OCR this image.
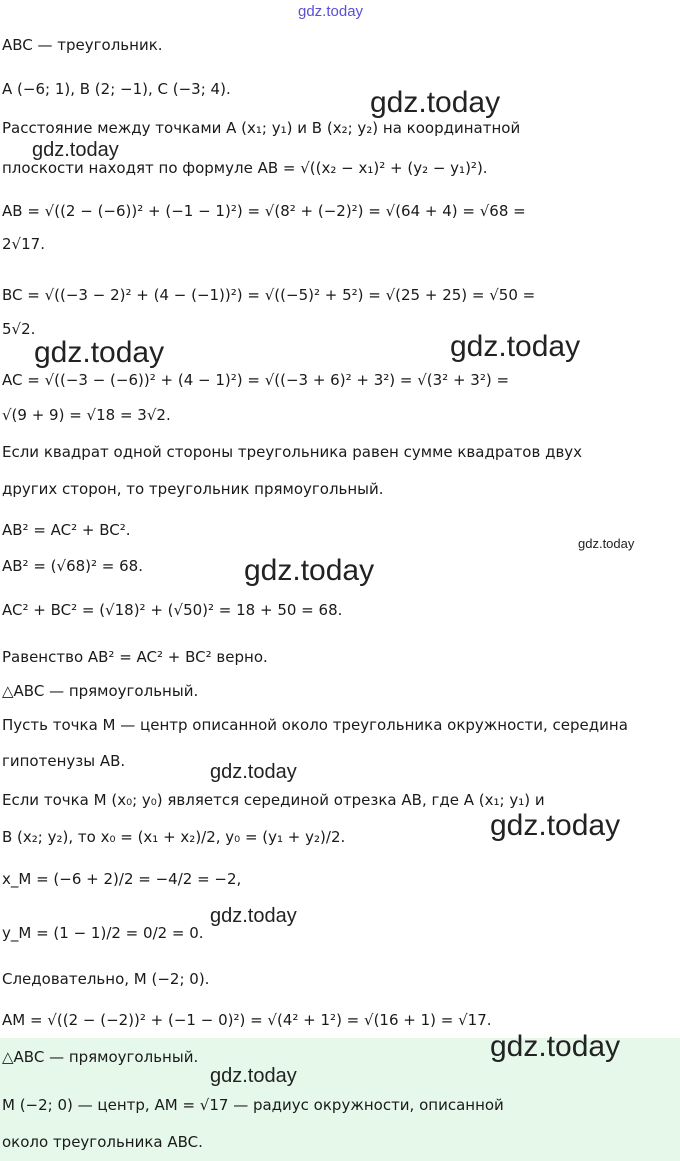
ABC — треугольник.
A (−6; 1), B (2; −1), C (−3; 4).
Расстояние между точками A (x₁; y₁) и B (x₂; y₂) на координатной
плоскости находят по формуле AB = √((x₂ − x₁)² + (y₂ − y₁)²).
AB = √((2 − (−6))² + (−1 − 1)²) = √(8² + (−2)²) = √(64 + 4) = √68 =
2√17.
BC = √((−3 − 2)² + (4 − (−1))²) = √((−5)² + 5²) = √(25 + 25) = √50 =
5√2.
AC = √((−3 − (−6))² + (4 − 1)²) = √((−3 + 6)² + 3²) = √(3² + 3²) =
√(9 + 9) = √18 = 3√2.
Если квадрат одной стороны треугольника равен сумме квадратов двух
других сторон, то треугольник прямоугольный.
AB² = AC² + BC².
AB² = (√68)² = 68.
AC² + BC² = (√18)² + (√50)² = 18 + 50 = 68.
Равенство AB² = AC² + BC² верно.
△ABC — прямоугольный.
Пусть точка M — центр описанной около треугольника окружности, середина
гипотенузы AB.
Если точка M (x₀; y₀) является серединой отрезка AB, где A (x₁; y₁) и
B (x₂; y₂), то x₀ = (x₁ + x₂)/2, y₀ = (y₁ + y₂)/2.
x_M = (−6 + 2)/2 = −4/2 = −2,
y_M = (1 − 1)/2 = 0/2 = 0.
Следовательно, M (−2; 0).
AM = √((2 − (−2))² + (−1 − 0)²) = √(4² + 1²) = √(16 + 1) = √17.
△ABC — прямоугольный.
M (−2; 0) — центр, AM = √17 — радиус окружности, описанной
около треугольника ABC.
gdz.today
gdz.today
gdz.today
gdz.today	gdz.today
gdz.today
gdz.today
gdz.today
gdz.today
gdz.today
gdz.today
gdz.today
